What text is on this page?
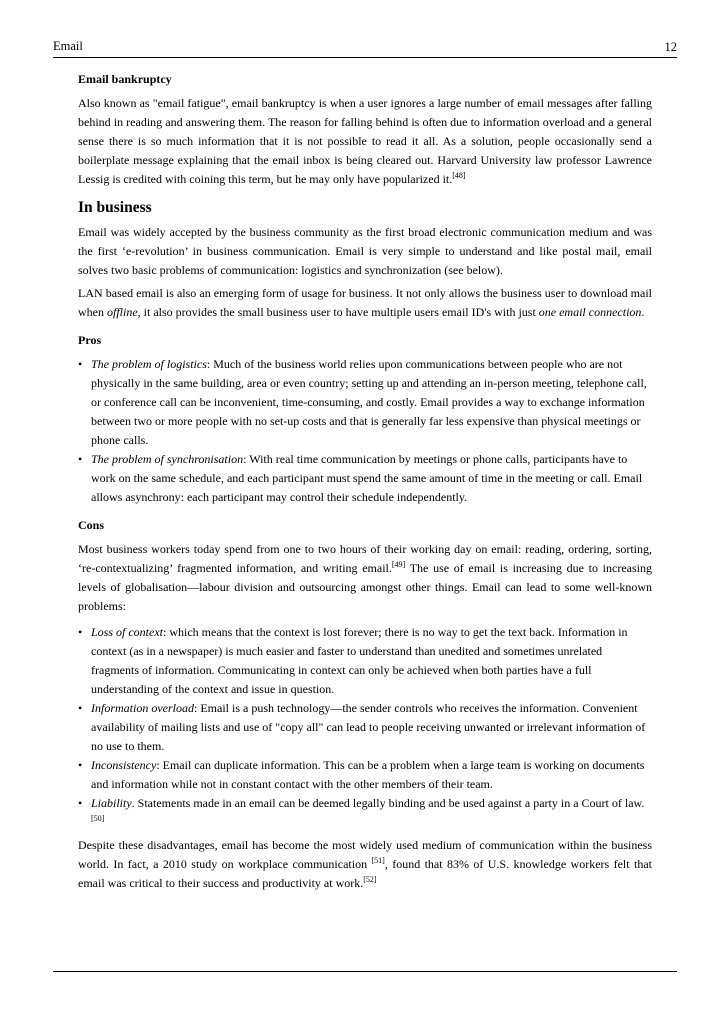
Email	12
Email bankruptcy

Also known as "email fatigue", email bankruptcy is when a user ignores a large number of email messages after falling behind in reading and answering them. The reason for falling behind is often due to information overload and a general sense there is so much information that it is not possible to read it all. As a solution, people occasionally send a boilerplate message explaining that the email inbox is being cleared out. Harvard University law professor Lawrence Lessig is credited with coining this term, but he may only have popularized it.[48]

In business

Email was widely accepted by the business community as the first broad electronic communication medium and was the first ‘e-revolution’ in business communication. Email is very simple to understand and like postal mail, email solves two basic problems of communication: logistics and synchronization (see below).

LAN based email is also an emerging form of usage for business. It not only allows the business user to download mail when offline, it also provides the small business user to have multiple users email ID's with just one email connection.

Pros
• The problem of logistics: Much of the business world relies upon communications between people who are not physically in the same building, area or even country; setting up and attending an in-person meeting, telephone call, or conference call can be inconvenient, time-consuming, and costly. Email provides a way to exchange information between two or more people with no set-up costs and that is generally far less expensive than physical meetings or phone calls.
• The problem of synchronisation: With real time communication by meetings or phone calls, participants have to work on the same schedule, and each participant must spend the same amount of time in the meeting or call. Email allows asynchrony: each participant may control their schedule independently.
Cons

Most business workers today spend from one to two hours of their working day on email: reading, ordering, sorting, ‘re-contextualizing’ fragmented information, and writing email.[49] The use of email is increasing due to increasing levels of globalisation—labour division and outsourcing amongst other things. Email can lead to some well-known problems:

• Loss of context: which means that the context is lost forever; there is no way to get the text back. Information in context (as in a newspaper) is much easier and faster to understand than unedited and sometimes unrelated fragments of information. Communicating in context can only be achieved when both parties have a full understanding of the context and issue in question.
• Information overload: Email is a push technology—the sender controls who receives the information. Convenient availability of mailing lists and use of "copy all" can lead to people receiving unwanted or irrelevant information of no use to them.
• Inconsistency: Email can duplicate information. This can be a problem when a large team is working on documents and information while not in constant contact with the other members of their team.
• Liability. Statements made in an email can be deemed legally binding and be used against a party in a Court of law.[50]

Despite these disadvantages, email has become the most widely used medium of communication within the business world. In fact, a 2010 study on workplace communication [51], found that 83% of U.S. knowledge workers felt that email was critical to their success and productivity at work.[52]
